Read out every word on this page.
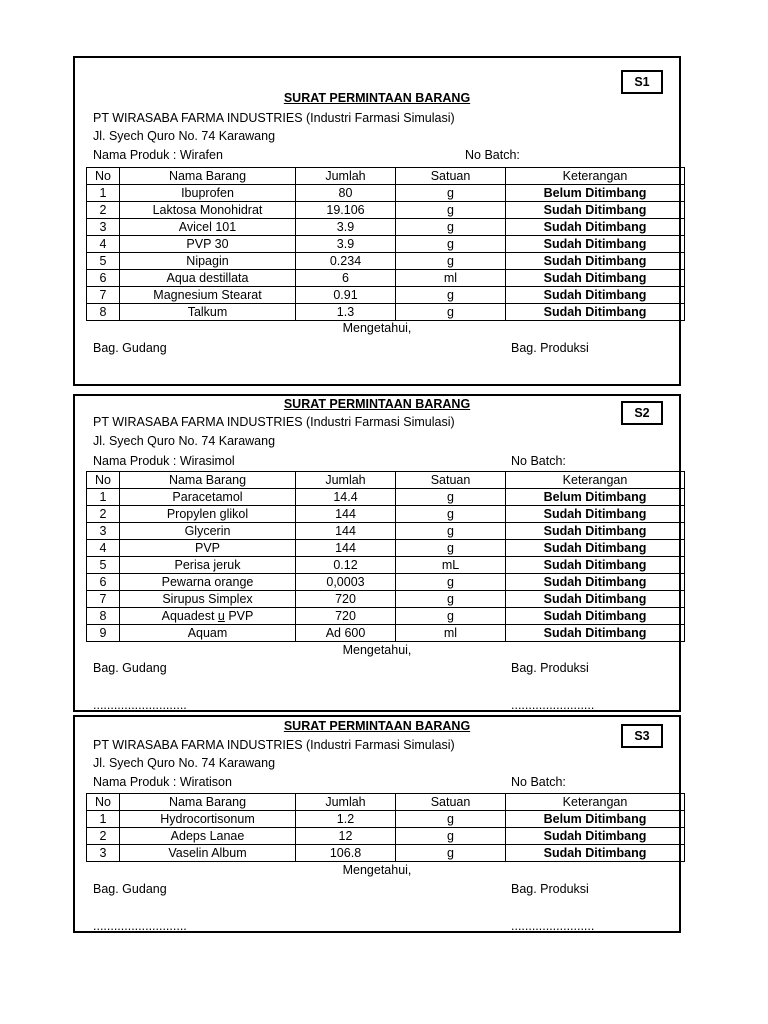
S1
SURAT PERMINTAAN BARANG
PT WIRASABA FARMA INDUSTRIES (Industri Farmasi Simulasi)
Jl. Syech Quro No. 74 Karawang
Nama Produk : Wirafen	No Batch:
No	Nama Barang	Jumlah	Satuan	Keterangan
1	Ibuprofen	80	g	Belum Ditimbang
2	Laktosa Monohidrat	19.106	g	Sudah Ditimbang
3	Avicel 101	3.9	g	Sudah Ditimbang
4	PVP 30	3.9	g	Sudah Ditimbang
5	Nipagin	0.234	g	Sudah Ditimbang
6	Aqua destillata	6	ml	Sudah Ditimbang
7	Magnesium Stearat	0.91	g	Sudah Ditimbang
8	Talkum	1.3	g	Sudah Ditimbang
Mengetahui,
Bag. Gudang	Bag. Produksi
SURAT PERMINTAAN BARANG
S2
PT WIRASABA FARMA INDUSTRIES (Industri Farmasi Simulasi)
Jl. Syech Quro No. 74 Karawang
Nama Produk : Wirasimol	No Batch:
No	Nama Barang	Jumlah	Satuan	Keterangan
1	Paracetamol	14.4	g	Belum Ditimbang
2	Propylen glikol	144	g	Sudah Ditimbang
3	Glycerin	144	g	Sudah Ditimbang
4	PVP	144	g	Sudah Ditimbang
5	Perisa jeruk	0.12	mL	Sudah Ditimbang
6	Pewarna orange	0,0003	g	Sudah Ditimbang
7	Sirupus Simplex	720	g	Sudah Ditimbang
8	Aquadest u PVP	720	g	Sudah Ditimbang
9	Aquam	Ad 600	ml	Sudah Ditimbang
Mengetahui,
Bag. Gudang	Bag. Produksi
...........................	........................
SURAT PERMINTAAN BARANG
S3
PT WIRASABA FARMA INDUSTRIES (Industri Farmasi Simulasi)
Jl. Syech Quro No. 74 Karawang
Nama Produk : Wiratison	No Batch:
No	Nama Barang	Jumlah	Satuan	Keterangan
1	Hydrocortisonum	1.2	g	Belum Ditimbang
2	Adeps Lanae	12	g	Sudah Ditimbang
3	Vaselin Album	106.8	g	Sudah Ditimbang
Mengetahui,
Bag. Gudang	Bag. Produksi
...........................	........................
